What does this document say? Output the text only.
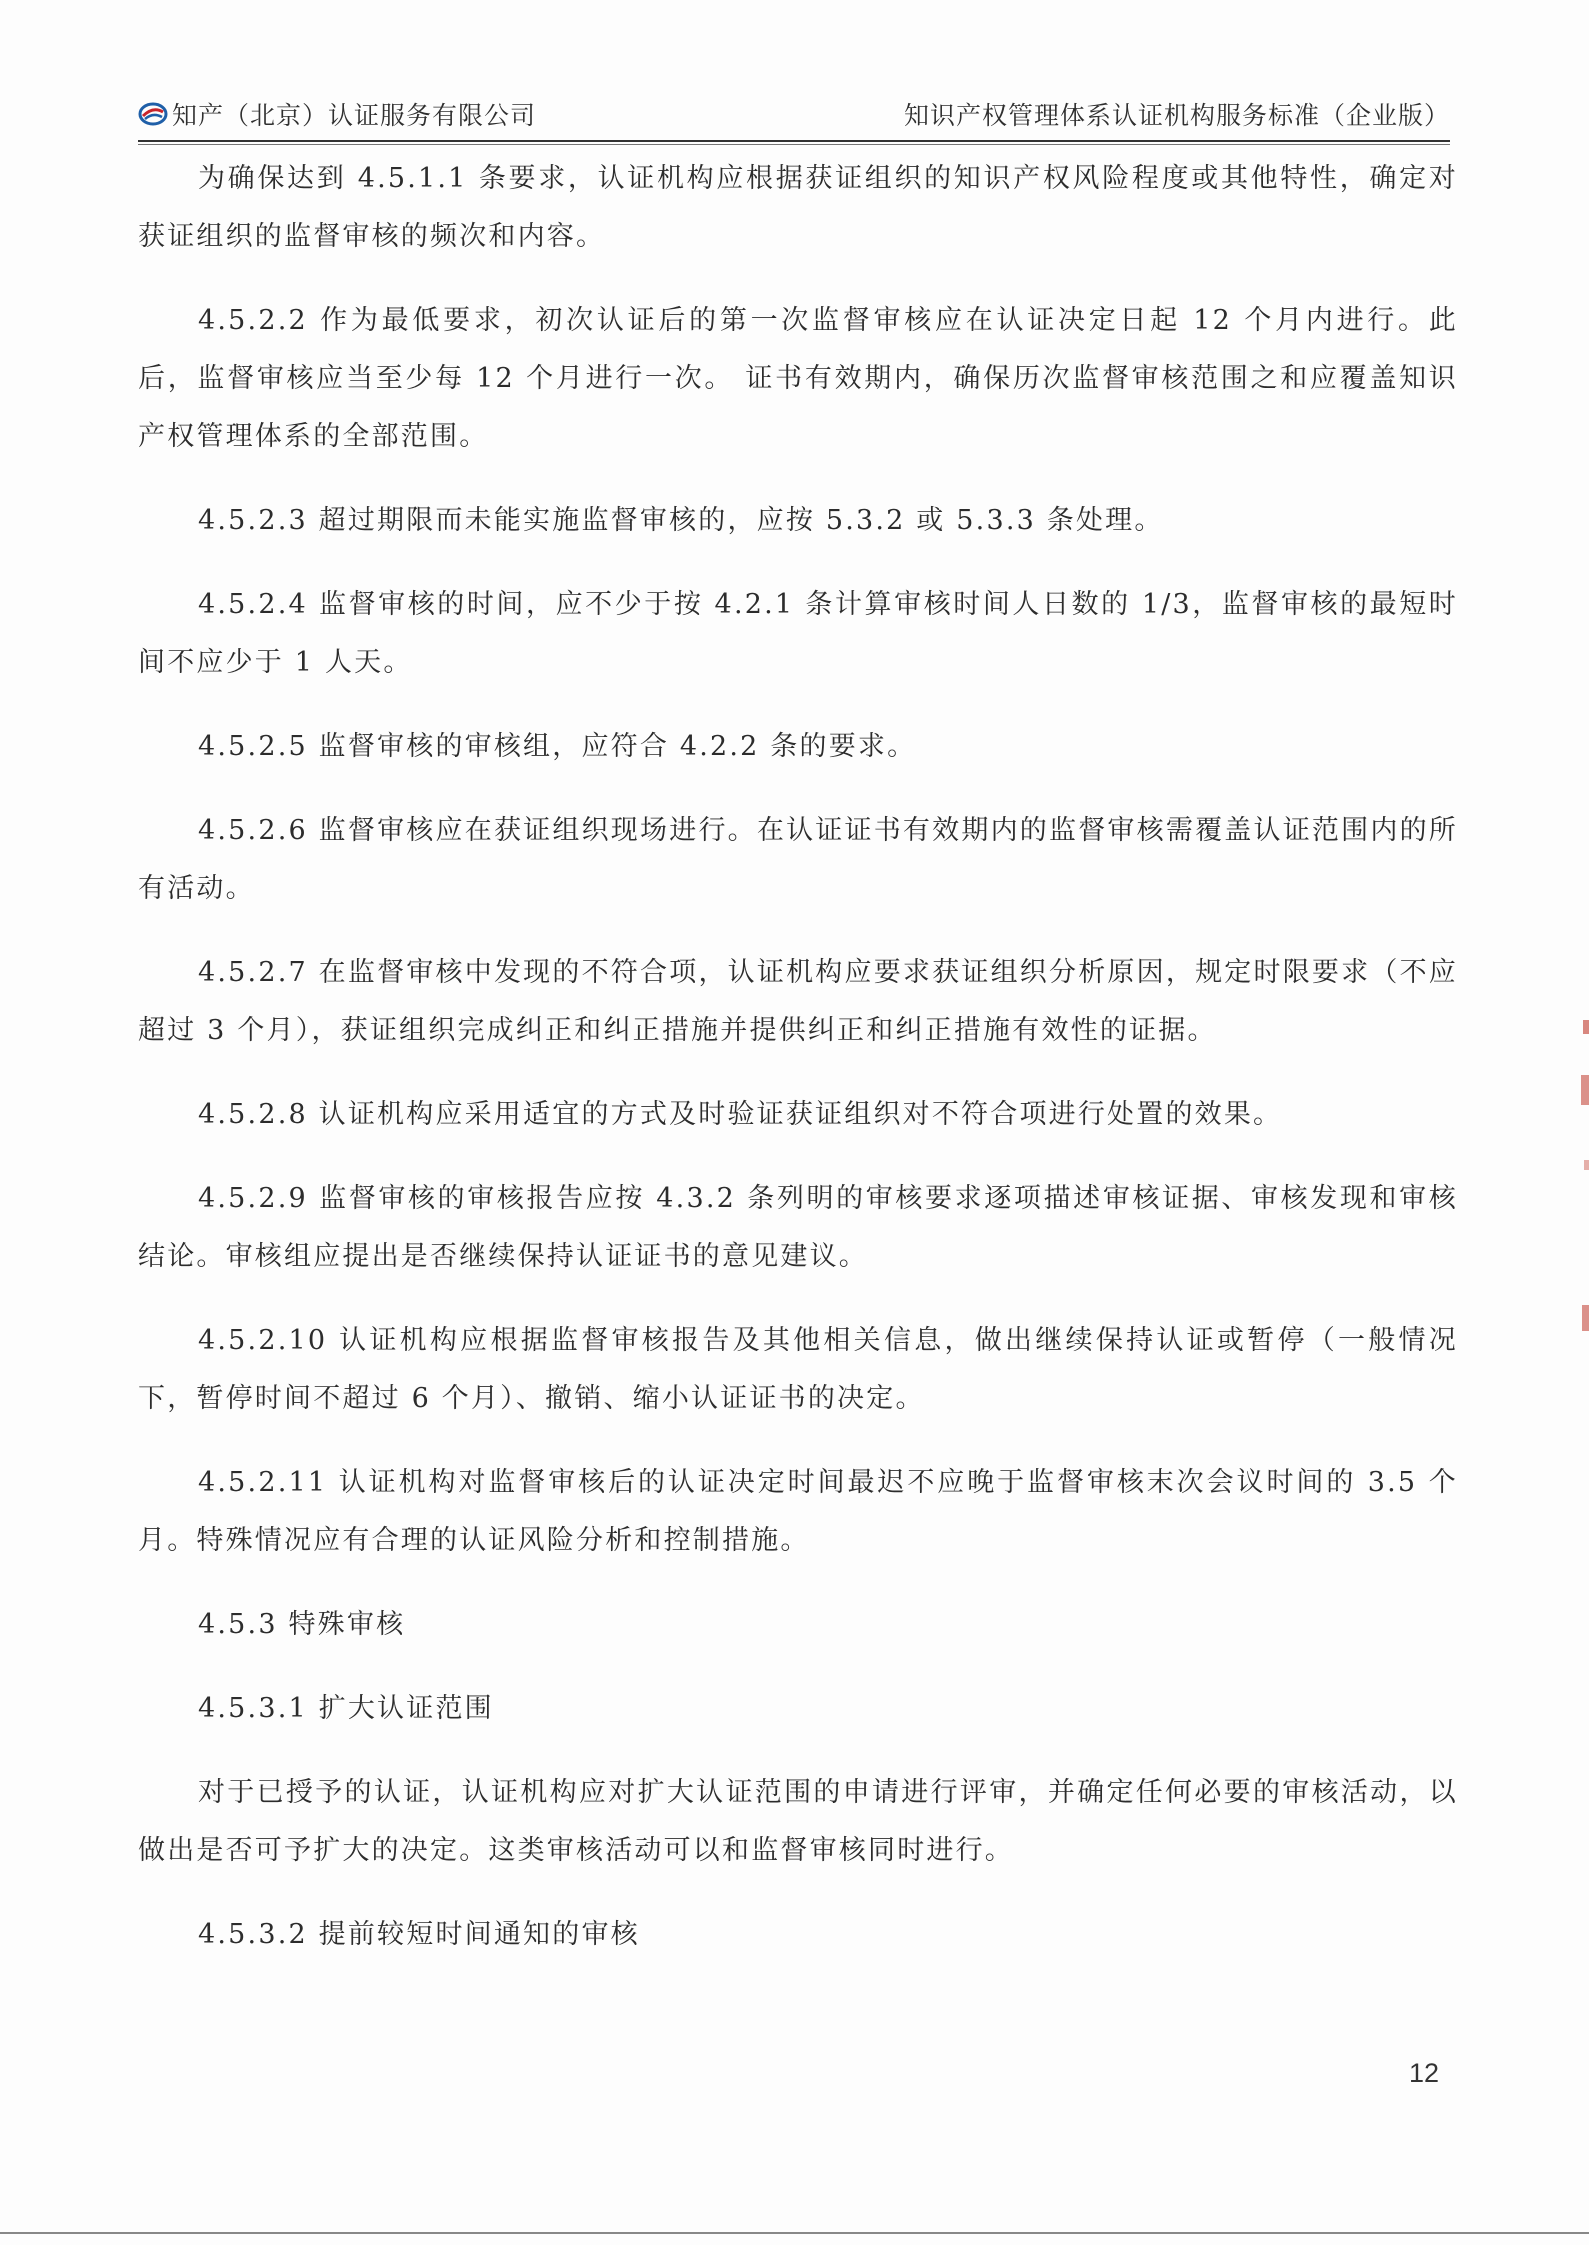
知产（北京）认证服务有限公司	知识产权管理体系认证机构服务标准（企业版）

为确保达到 4.5.1.1 条要求，认证机构应根据获证组织的知识产权风险程度或其他特性，确定对获证组织的监督审核的频次和内容。

4.5.2.2 作为最低要求，初次认证后的第一次监督审核应在认证决定日起 12 个月内进行。此后，监督审核应当至少每 12 个月进行一次。 证书有效期内，确保历次监督审核范围之和应覆盖知识产权管理体系的全部范围。

4.5.2.3 超过期限而未能实施监督审核的，应按 5.3.2 或 5.3.3 条处理。

4.5.2.4 监督审核的时间，应不少于按 4.2.1 条计算审核时间人日数的 1/3，监督审核的最短时间不应少于 1 人天。

4.5.2.5 监督审核的审核组，应符合 4.2.2 条的要求。

4.5.2.6 监督审核应在获证组织现场进行。在认证证书有效期内的监督审核需覆盖认证范围内的所有活动。

4.5.2.7 在监督审核中发现的不符合项，认证机构应要求获证组织分析原因，规定时限要求（不应超过 3 个月），获证组织完成纠正和纠正措施并提供纠正和纠正措施有效性的证据。

4.5.2.8 认证机构应采用适宜的方式及时验证获证组织对不符合项进行处置的效果。

4.5.2.9 监督审核的审核报告应按 4.3.2 条列明的审核要求逐项描述审核证据、审核发现和审核结论。审核组应提出是否继续保持认证证书的意见建议。

4.5.2.10 认证机构应根据监督审核报告及其他相关信息，做出继续保持认证或暂停（一般情况下，暂停时间不超过 6 个月）、撤销、缩小认证证书的决定。

4.5.2.11 认证机构对监督审核后的认证决定时间最迟不应晚于监督审核末次会议时间的 3.5 个月。特殊情况应有合理的认证风险分析和控制措施。

4.5.3 特殊审核

4.5.3.1 扩大认证范围

对于已授予的认证，认证机构应对扩大认证范围的申请进行评审，并确定任何必要的审核活动，以做出是否可予扩大的决定。这类审核活动可以和监督审核同时进行。

4.5.3.2 提前较短时间通知的审核

12
